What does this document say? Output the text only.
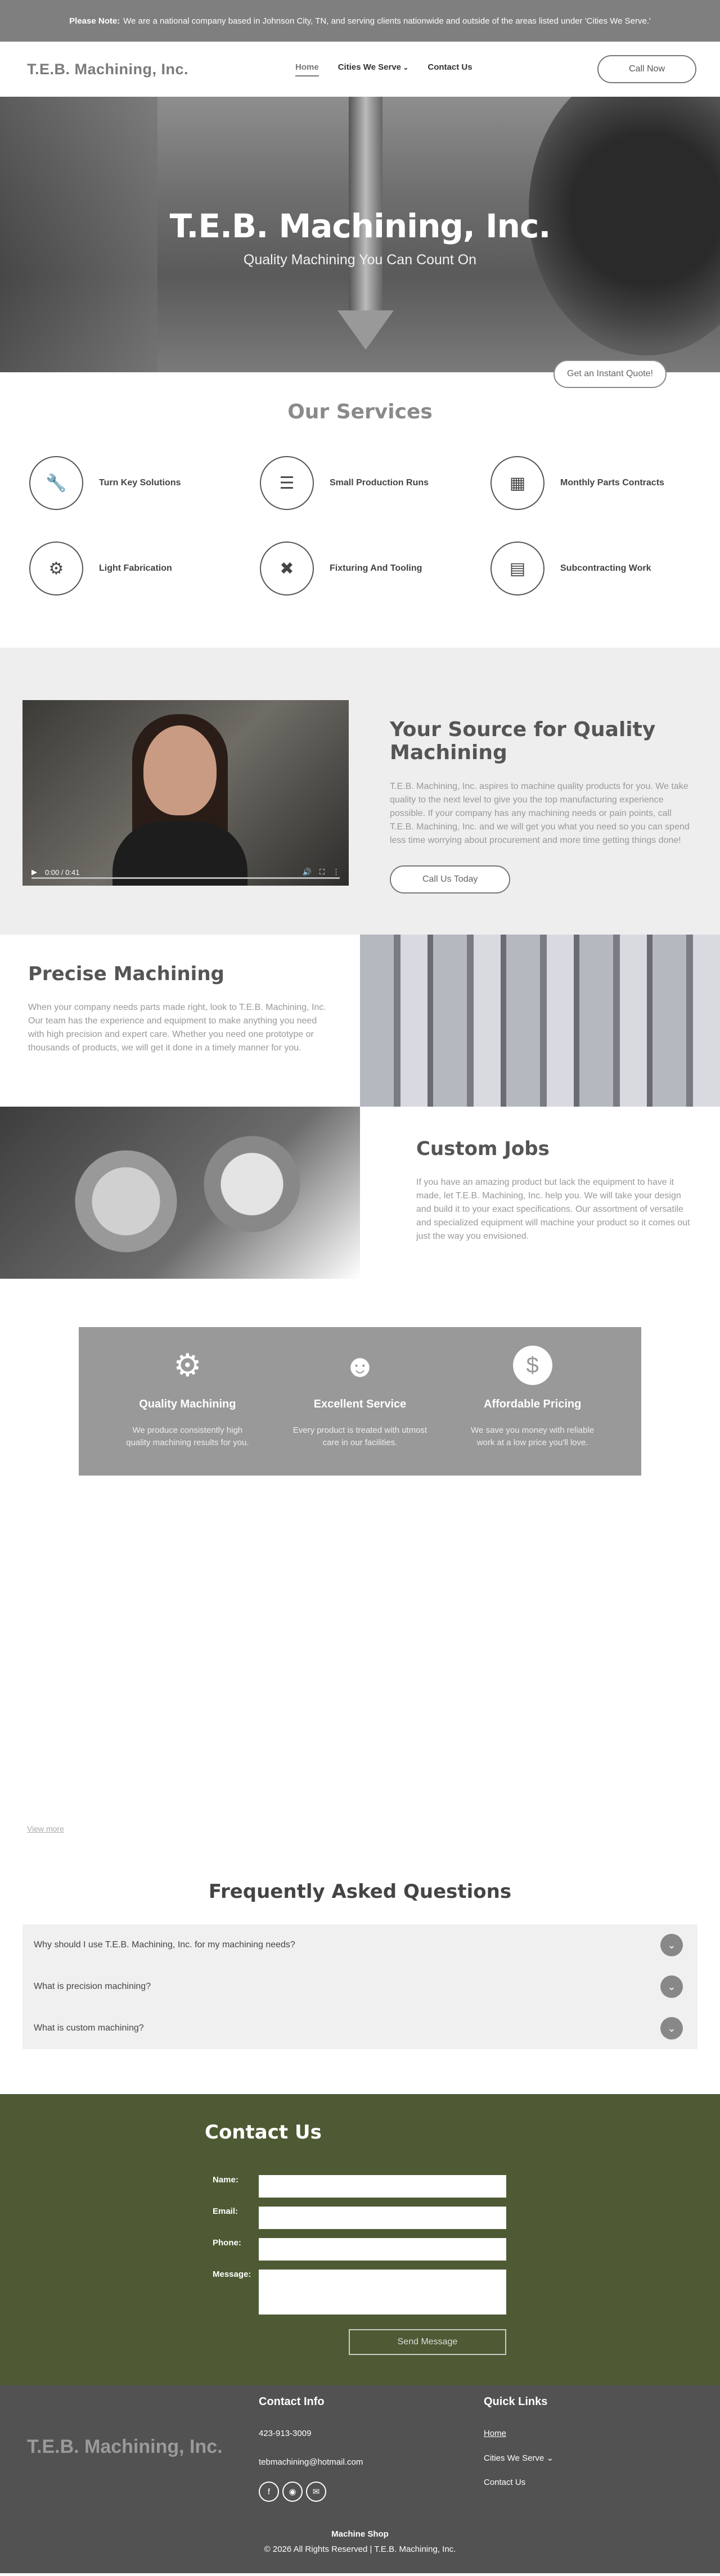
Please Note: We are a national company based in Johnson City, TN, and serving clients nationwide and outside of the areas listed under 'Cities We Serve.'
T.E.B. Machining, Inc.	Home Cities We Serve ⌄	Contact Us	Call Now
T.E.B. Machining, Inc.
Quality Machining You Can Count On
Get an Instant Quote!
Our Services
🔧	Turn Key Solutions	☰	Small Production Runs	▦	Monthly Parts Contracts
⚙	Light Fabrication	✖	Fixturing And Tooling	▤	Subcontracting Work
▶ 0:00 / 0:41	🔊 ⛶ ⋮
Your Source for Quality Machining

T.E.B. Machining, Inc. aspires to machine quality products for you. We take quality to the next level to give you the top manufacturing experience possible. If your company has any machining needs or pain points, call T.E.B. Machining, Inc. and we will get you what you need so you can spend less time worrying about procurement and more time getting things done!

Call Us Today
Precise Machining

When your company needs parts made right, look to T.E.B. Machining, Inc. Our team has the experience and equipment to make anything you need with high precision and expert care. Whether you need one prototype or thousands of products, we will get it done in a timely manner for you.

Custom Jobs

If you have an amazing product but lack the equipment to have it made, let T.E.B. Machining, Inc. help you. We will take your design and build it to your exact specifications. Our assortment of versatile and specialized equipment will machine your product so it comes out just the way you envisioned.

⚙
Quality Machining

We produce consistently high quality machining results for you.

☻
Excellent Service

Every product is treated with utmost care in our facilities.

$
Affordable Pricing

We save you money with reliable work at a low price you'll love.

View more
Frequently Asked Questions
Why should I use T.E.B. Machining, Inc. for my machining needs?	⌄
What is precision machining?	⌄
What is custom machining?	⌄
Contact Us
Name:
Email:
Phone:
Message:
Send Message
T.E.B. Machining, Inc.
Contact Info
423-913-3009
tebmachining@hotmail.com
f	◉	✉
Quick Links
Home
Cities We Serve ⌄
Contact Us
Machine Shop
© 2026 All Rights Reserved | T.E.B. Machining, Inc.
